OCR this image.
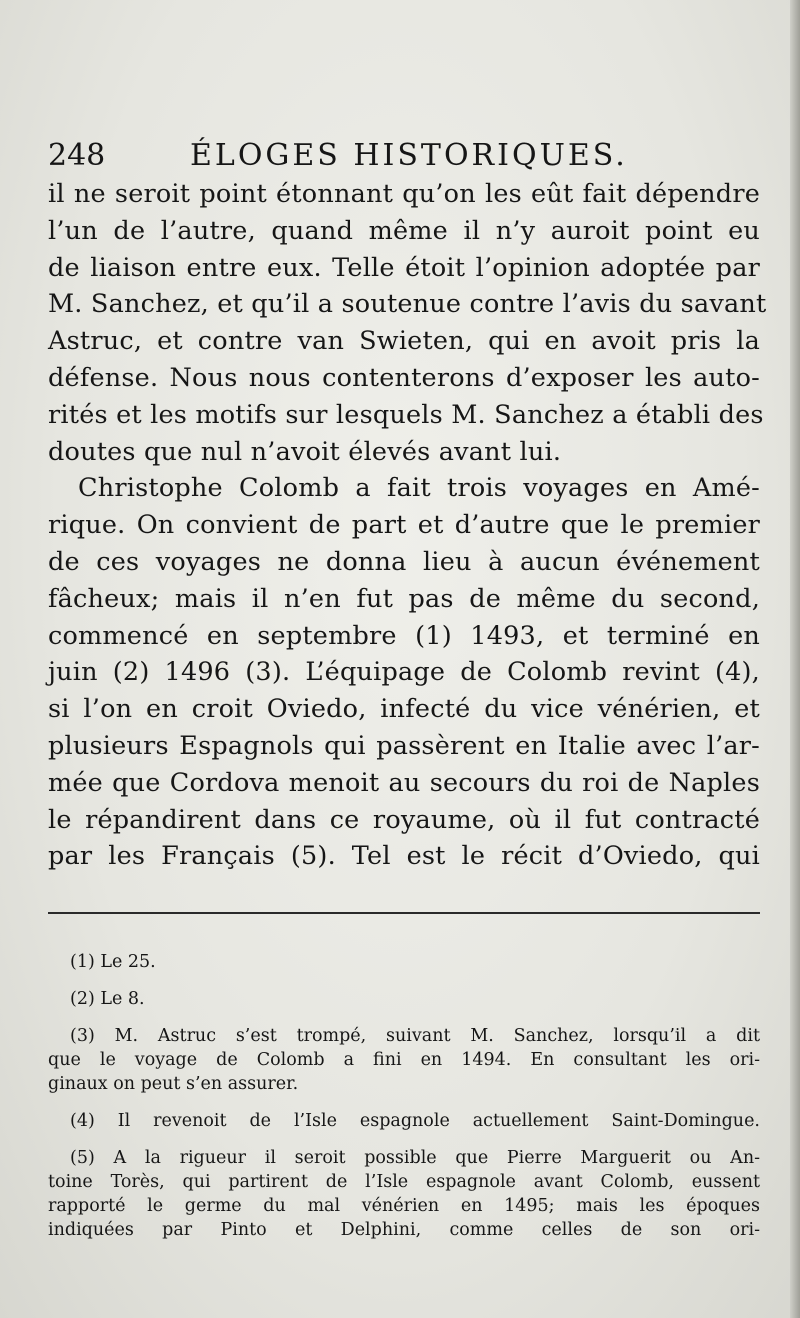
248	ÉLOGES HISTORIQUES.
il ne seroit point étonnant qu’on les eût fait dépendre
l’un de l’autre, quand même il n’y auroit point eu
de liaison entre eux. Telle étoit l’opinion adoptée par
M. Sanchez, et qu’il a soutenue contre l’avis du savant
Astruc, et contre van Swieten, qui en avoit pris la
défense. Nous nous contenterons d’exposer les auto-
rités et les motifs sur lesquels M. Sanchez a établi des
doutes que nul n’avoit élevés avant lui.
Christophe Colomb a fait trois voyages en Amé-
rique. On convient de part et d’autre que le premier
de ces voyages ne donna lieu à aucun événement
fâcheux; mais il n’en fut pas de même du second,
commencé en septembre (1) 1493, et terminé en
juin (2) 1496 (3). L’équipage de Colomb revint (4),
si l’on en croit Oviedo, infecté du vice vénérien, et
plusieurs Espagnols qui passèrent en Italie avec l’ar-
mée que Cordova menoit au secours du roi de Naples
le répandirent dans ce royaume, où il fut contracté
par les Français (5). Tel est le récit d’Oviedo, qui
(1) Le 25.
(2) Le 8.
(3) M. Astruc s’est trompé, suivant M. Sanchez, lorsqu’il a dit
que le voyage de Colomb a fini en 1494. En consultant les ori-
ginaux on peut s’en assurer.
(4) Il revenoit de l’Isle espagnole actuellement Saint-Domingue.
(5) A la rigueur il seroit possible que Pierre Marguerit ou An-
toine Torès, qui partirent de l’Isle espagnole avant Colomb, eussent
rapporté le germe du mal vénérien en 1495; mais les époques
indiquées par Pinto et Delphini, comme celles de son ori-
